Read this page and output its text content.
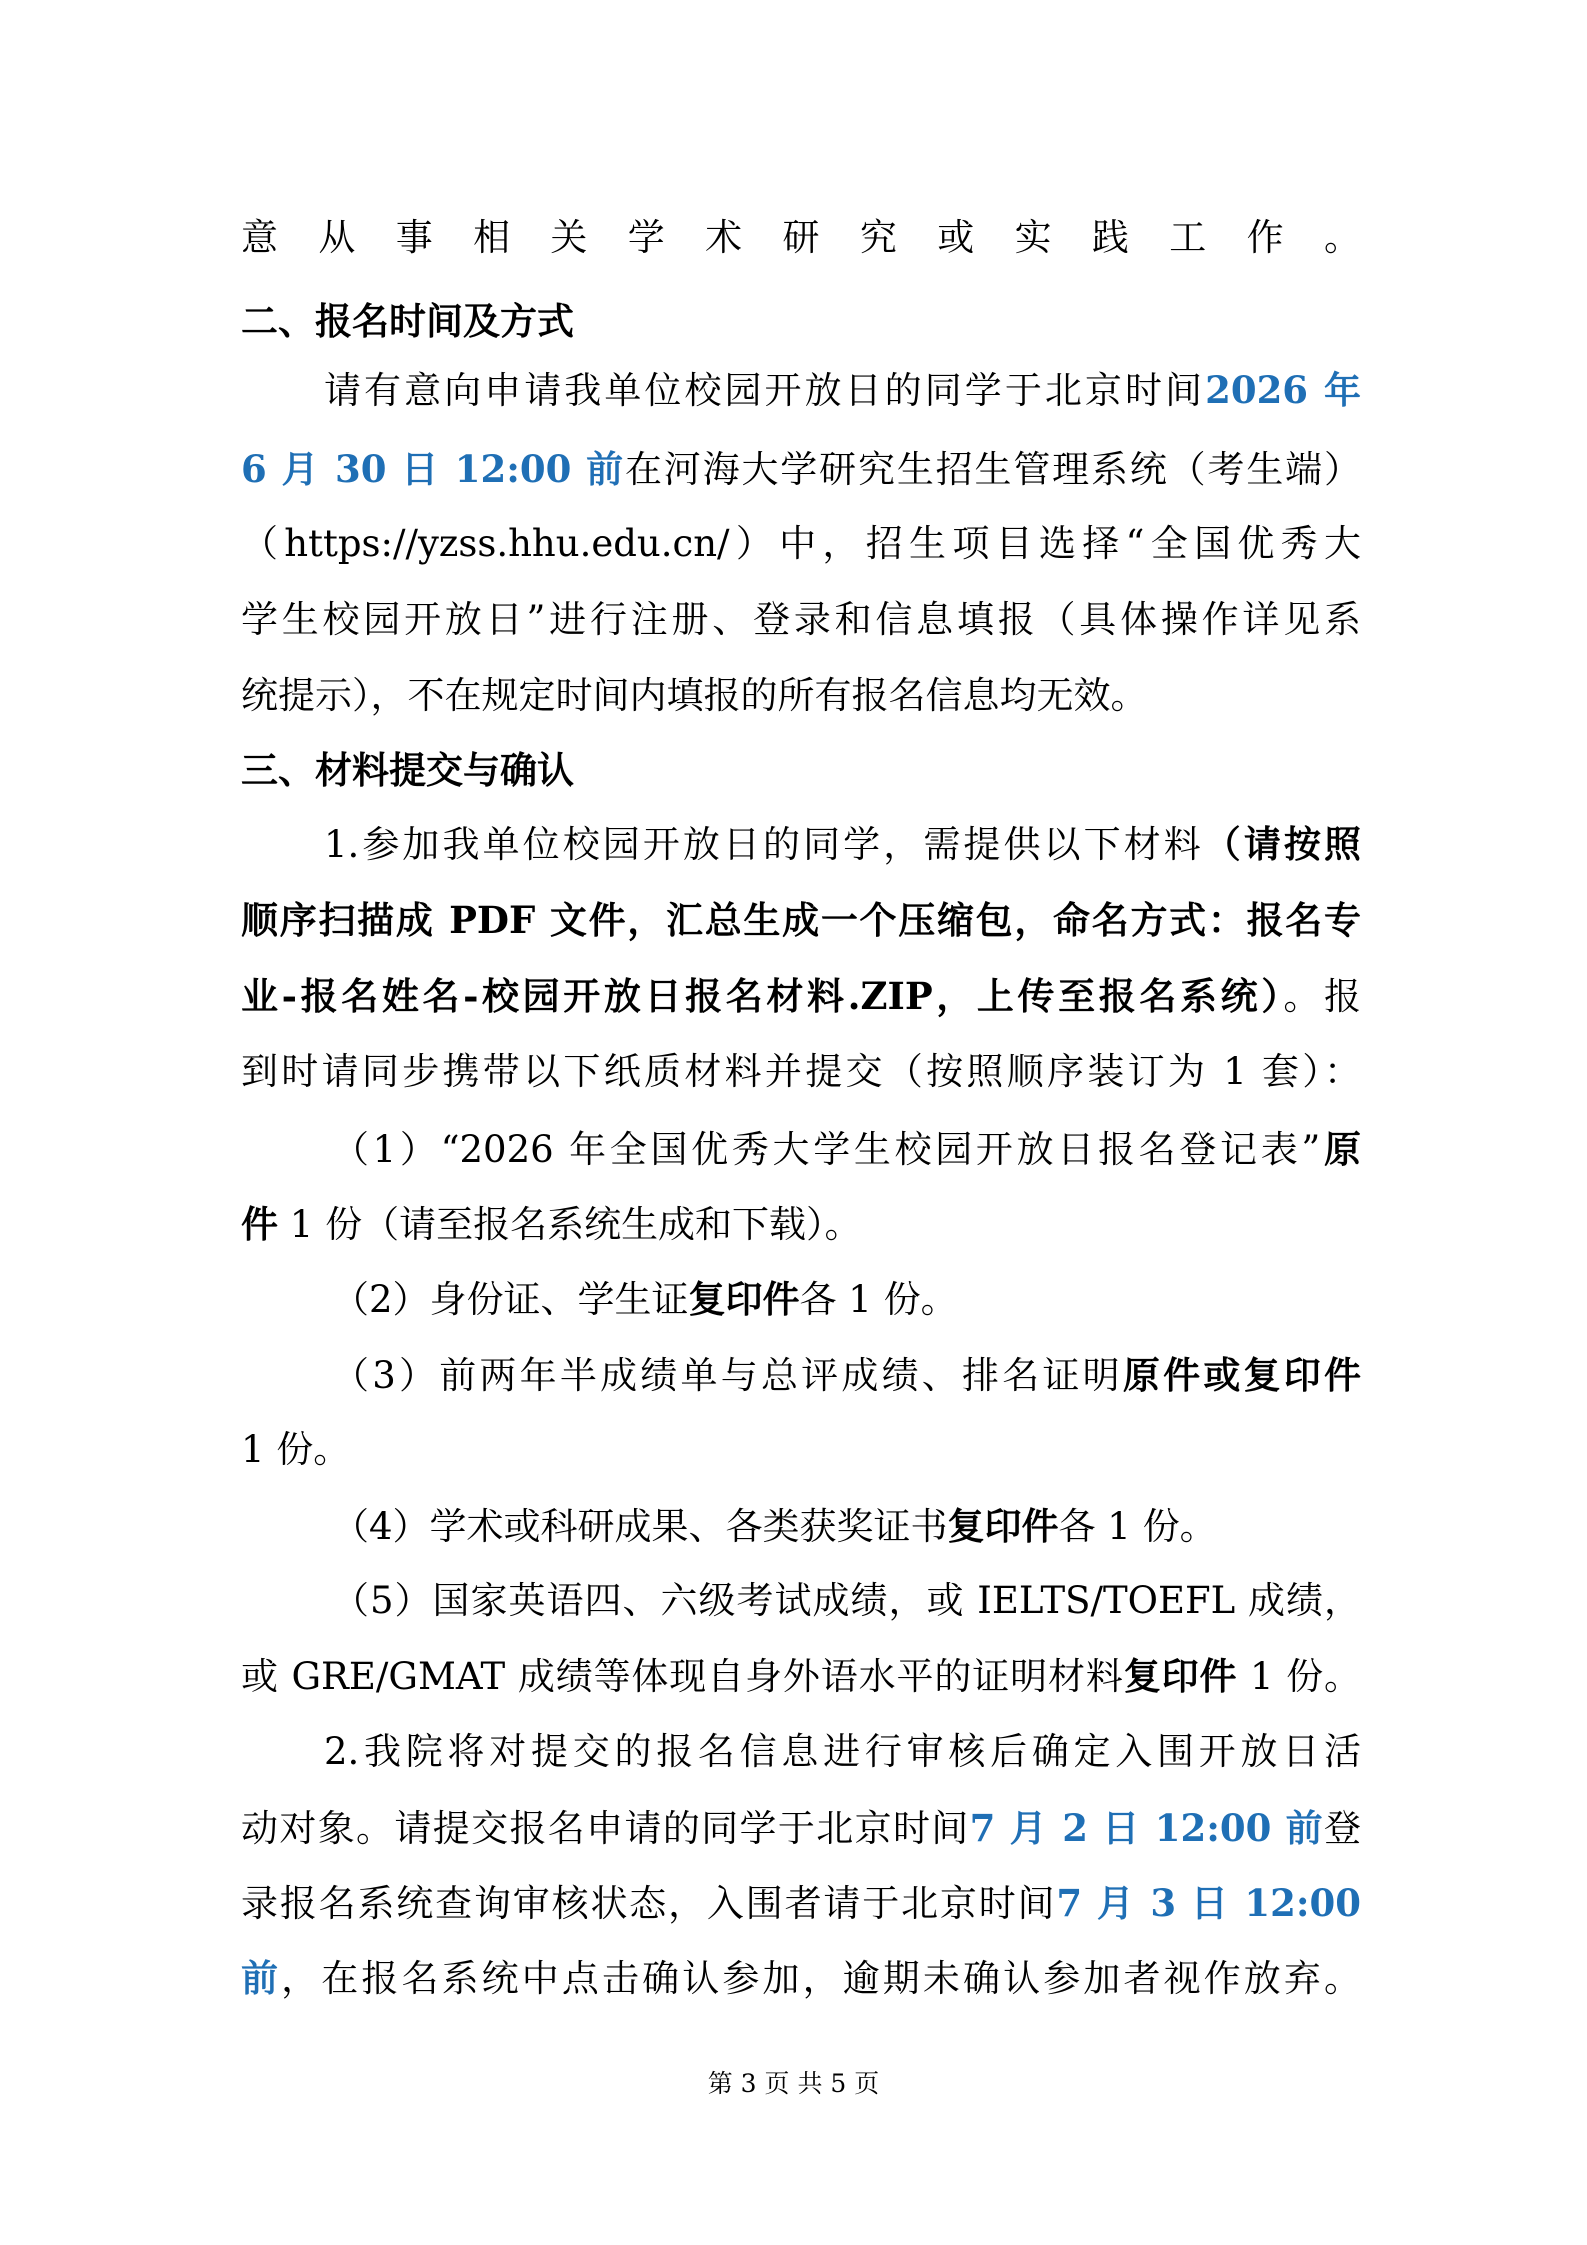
意从事相关学术研究或实践工作。
二、报名时间及方式
请有意向申请我单位校园开放日的同学于北京时间2026 年
6 月 30 日 12:00 前在河海大学研究生招生管理系统（考生端）
（https://yzss.hhu.edu.cn/）中，招生项目选择“全国优秀大
学生校园开放日”进行注册、登录和信息填报（具体操作详见系
统提示），不在规定时间内填报的所有报名信息均无效。
三、材料提交与确认
1.参加我单位校园开放日的同学，需提供以下材料（请按照
顺序扫描成 PDF 文件，汇总生成一个压缩包，命名方式：报名专
业-报名姓名-校园开放日报名材料.ZIP，上传至报名系统）。报
到时请同步携带以下纸质材料并提交（按照顺序装订为 1 套）：
（1）“2026 年全国优秀大学生校园开放日报名登记表”原
件 1 份（请至报名系统生成和下载）。
（2）身份证、学生证复印件各 1 份。
（3）前两年半成绩单与总评成绩、排名证明原件或复印件
1 份。
（4）学术或科研成果、各类获奖证书复印件各 1 份。
（5）国家英语四、六级考试成绩，或 IELTS/TOEFL 成绩，
或 GRE/GMAT 成绩等体现自身外语水平的证明材料复印件 1 份。
2.我院将对提交的报名信息进行审核后确定入围开放日活
动对象。请提交报名申请的同学于北京时间7 月 2 日 12:00 前登
录报名系统查询审核状态，入围者请于北京时间7 月 3 日 12:00
前，在报名系统中点击确认参加，逾期未确认参加者视作放弃。
第 3 页 共 5 页
